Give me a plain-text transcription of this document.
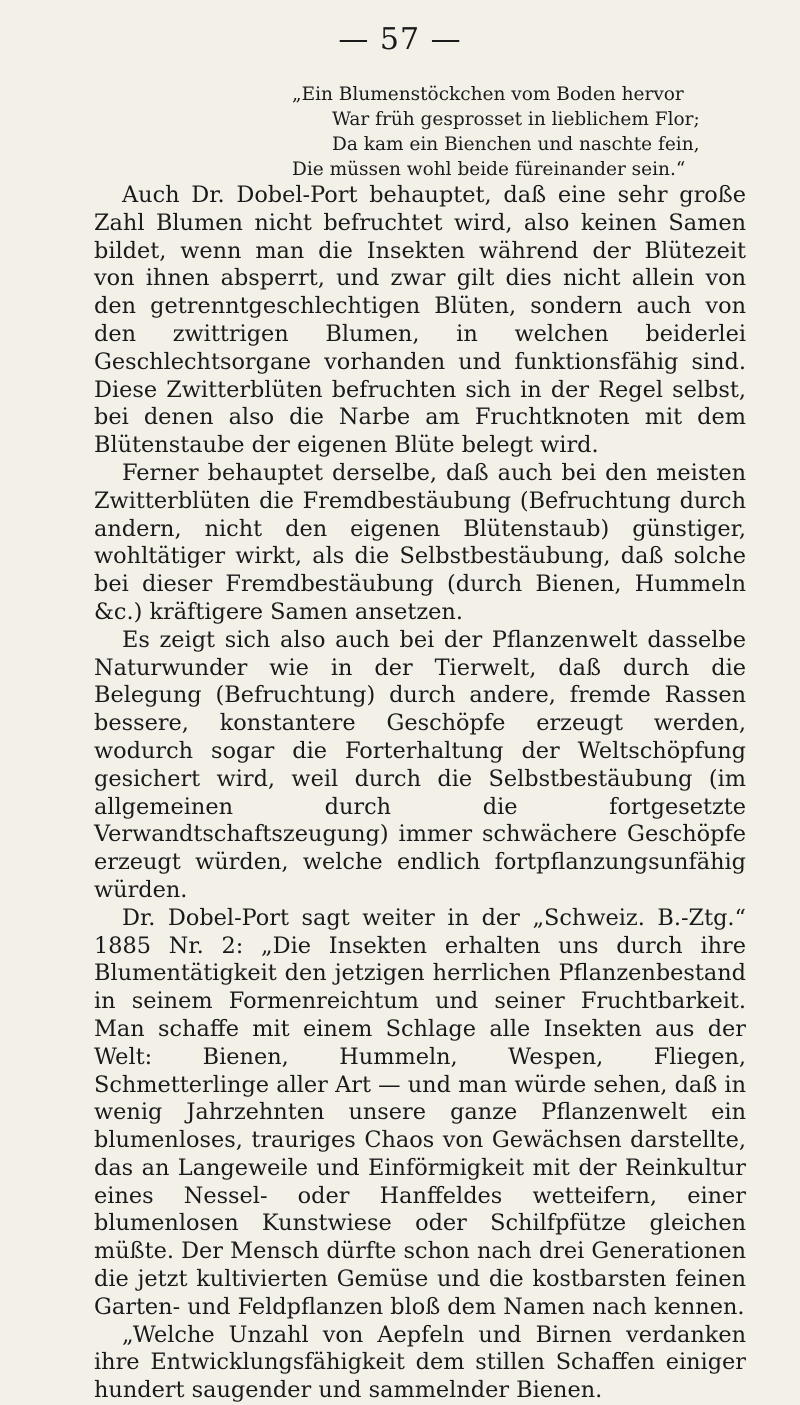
— 57 —
„Ein Blumenstöckchen vom Boden hervor
War früh gesprosset in lieblichem Flor;
Da kam ein Bienchen und naschte fein,
Die müssen wohl beide füreinander sein.“

Auch Dr. Dobel-Port behauptet, daß eine sehr große Zahl Blumen nicht befruchtet wird, also keinen Samen bildet, wenn man die Insekten während der Blütezeit von ihnen absperrt, und zwar gilt dies nicht allein von den getrenntgeschlechtigen Blüten, sondern auch von den zwittrigen Blumen, in welchen beiderlei Geschlechtsorgane vorhanden und funktionsfähig sind. Diese Zwitterblüten befruchten sich in der Regel selbst, bei denen also die Narbe am Fruchtknoten mit dem Blütenstaube der eigenen Blüte belegt wird.

Ferner behauptet derselbe, daß auch bei den meisten Zwitterblüten die Fremdbestäubung (Befruchtung durch andern, nicht den eigenen Blütenstaub) günstiger, wohltätiger wirkt, als die Selbstbestäubung, daß solche bei dieser Fremdbestäubung (durch Bienen, Hummeln &c.) kräftigere Samen ansetzen.

Es zeigt sich also auch bei der Pflanzenwelt dasselbe Naturwunder wie in der Tierwelt, daß durch die Belegung (Befruchtung) durch andere, fremde Rassen bessere, konstantere Geschöpfe erzeugt werden, wodurch sogar die Forterhaltung der Weltschöpfung gesichert wird, weil durch die Selbstbestäubung (im allgemeinen durch die fortgesetzte Verwandtschaftszeugung) immer schwächere Geschöpfe erzeugt würden, welche endlich fortpflanzungsunfähig würden.

Dr. Dobel-Port sagt weiter in der „Schweiz. B.-Ztg.“ 1885 Nr. 2: „Die Insekten erhalten uns durch ihre Blumentätigkeit den jetzigen herrlichen Pflanzenbestand in seinem Formenreichtum und seiner Fruchtbarkeit. Man schaffe mit einem Schlage alle Insekten aus der Welt: Bienen, Hummeln, Wespen, Fliegen, Schmetterlinge aller Art — und man würde sehen, daß in wenig Jahrzehnten unsere ganze Pflanzenwelt ein blumenloses, trauriges Chaos von Gewächsen darstellte, das an Langeweile und Einförmigkeit mit der Reinkultur eines Nessel- oder Hanffeldes wetteifern, einer blumenlosen Kunstwiese oder Schilfpfütze gleichen müßte. Der Mensch dürfte schon nach drei Generationen die jetzt kultivierten Gemüse und die kostbarsten feinen Garten- und Feldpflanzen bloß dem Namen nach kennen.

„Welche Unzahl von Aepfeln und Birnen verdanken ihre Entwicklungsfähigkeit dem stillen Schaffen einiger hundert saugender und sammelnder Bienen.
